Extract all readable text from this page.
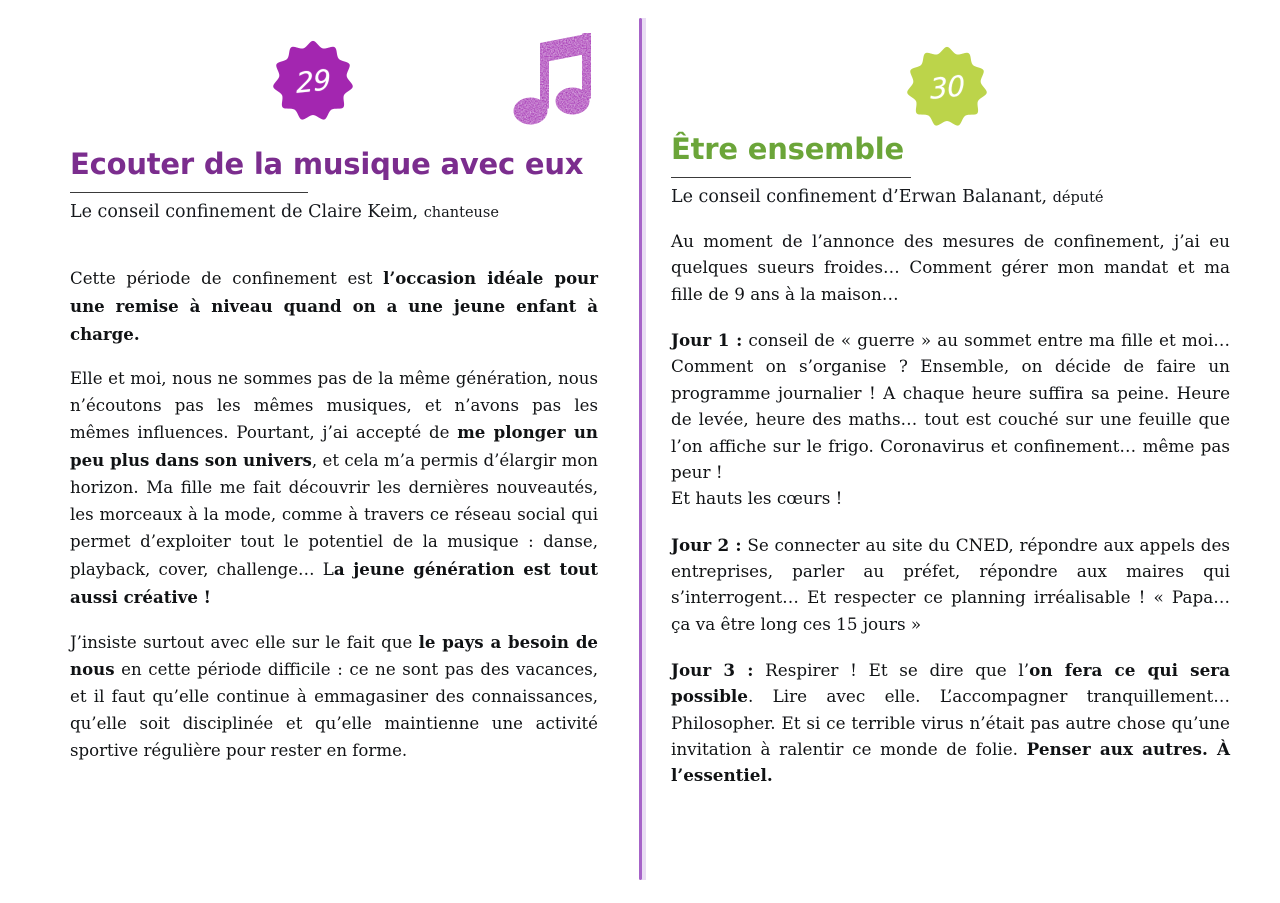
29
Ecouter de la musique avec eux

Le conseil confinement de Claire Keim, chanteuse

Cette période de confinement est l’occasion idéale pour une remise à niveau quand on a une jeune enfant à charge.

Elle et moi, nous ne sommes pas de la même génération, nous n’écoutons pas les mêmes musiques, et n’avons pas les mêmes influences. Pourtant, j’ai accepté de me plonger un peu plus dans son univers, et cela m’a permis d’élargir mon horizon. Ma fille me fait découvrir les dernières nouveautés, les morceaux à la mode, comme à travers ce réseau social qui permet d’exploiter tout le potentiel de la musique : danse, playback, cover, challenge… La jeune génération est tout aussi créative !

J’insiste surtout avec elle sur le fait que le pays a besoin de nous en cette période difficile : ce ne sont pas des vacances, et il faut qu’elle continue à emmagasiner des connaissances, qu’elle soit disciplinée et qu’elle maintienne une activité sportive régulière pour rester en forme.

30
Être ensemble

Le conseil confinement d’Erwan Balanant, député

Au moment de l’annonce des mesures de confinement, j’ai eu quelques sueurs froides… Comment gérer mon mandat et ma fille de 9 ans à la maison…

Jour 1 : conseil de « guerre » au sommet entre ma fille et moi… Comment on s’organise ? Ensemble, on décide de faire un programme journalier ! A chaque heure suffira sa peine. Heure de levée, heure des maths… tout est couché sur une feuille que l’on affiche sur le frigo. Coronavirus et confinement… même pas peur !

Et hauts les cœurs !

Jour 2 : Se connecter au site du CNED, répondre aux appels des entreprises, parler au préfet, répondre aux maires qui s’interrogent… Et respecter ce planning irréalisable ! « Papa… ça va être long ces 15 jours »

Jour 3 : Respirer ! Et se dire que l’on fera ce qui sera possible. Lire avec elle. L’accompagner tranquillement… Philosopher. Et si ce terrible virus n’était pas autre chose qu’une invitation à ralentir ce monde de folie. Penser aux autres. À l’essentiel.
